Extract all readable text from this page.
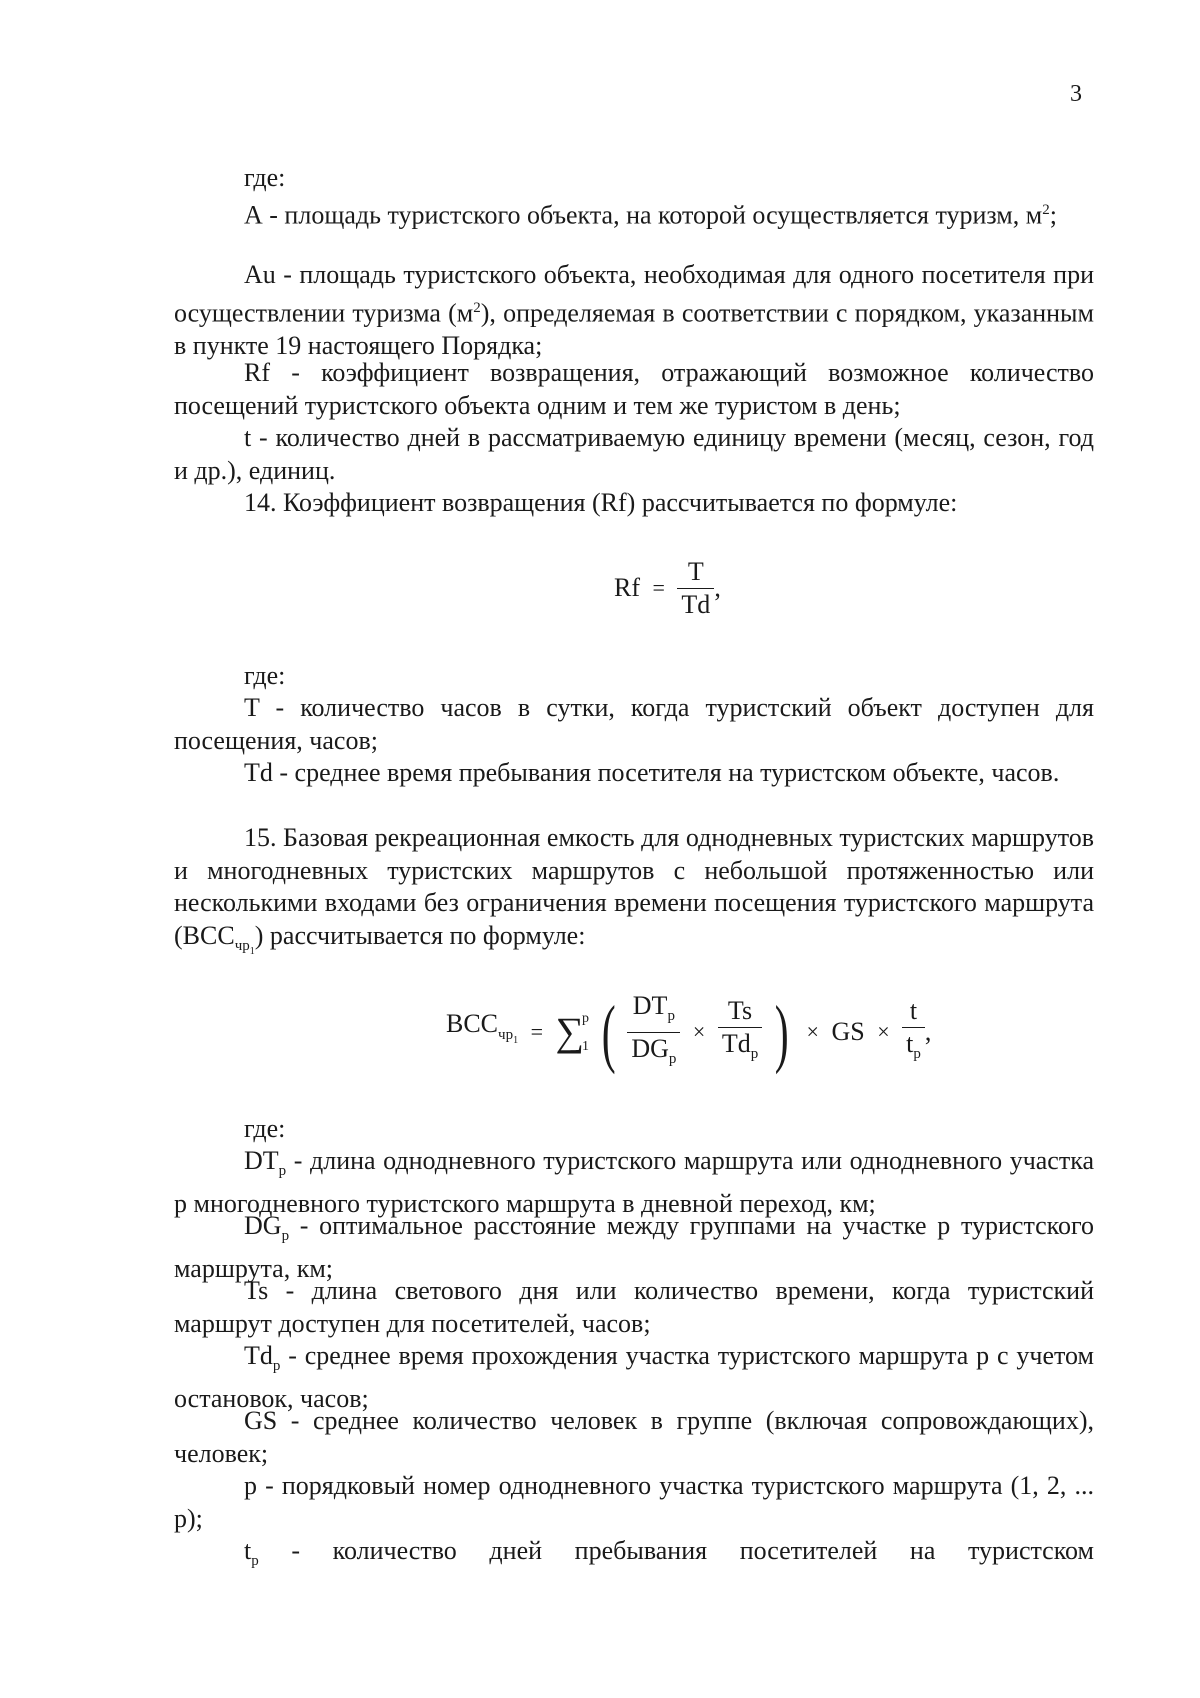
3
где:
А - площадь туристского объекта, на которой осуществляется туризм, $м^2$;
Au - площадь туристского объекта, необходимая для одного посетителя при осуществлении туризма $(м^2)$, определяемая в соответствии с порядком, указанным в пункте 19 настоящего Порядка;
Rf - коэффициент возвращения, отражающий возможное количество посещений туристского объекта одним и тем же туристом в день;
t - количество дней в рассматриваемую единицу времени (месяц, сезон, год и др.), единиц.
14. Коэффициент возвращения (Rf) рассчитывается по формуле:
$Rf = \frac{T}{Td}$ ,
где:
T - количество часов в сутки, когда туристский объект доступен для посещения, часов;
Td - среднее время пребывания посетителя на туристском объекте, часов.
15. Базовая рекреационная емкость для однодневных туристских маршрутов и многодневных туристских маршрутов с небольшой протяженностью или несколькими входами без ограничения времени посещения туристского маршрута $(BCC_{чр_1})$ рассчитывается по формуле:
$BCC_{чр_1}$ = ∑
p
1 ( $\frac{DT_p}{DG_p} \times \frac{Ts}{Td_p}$ ) × GS × $\frac{t}{t_p}$ ,
где:
$DT_p$ - длина однодневного туристского маршрута или однодневного участка p многодневного туристского маршрута в дневной переход, км;
$DG_p$ - оптимальное расстояние между группами на участке p туристского маршрута, км;
Ts - длина светового дня или количество времени, когда туристский маршрут доступен для посетителей, часов;
$Td_p$ - среднее время прохождения участка туристского маршрута p с учетом остановок, часов;
GS - среднее количество человек в группе (включая сопровождающих), человек;
p - порядковый номер однодневного участка туристского маршрута (1, 2, ... p);
$t_p$ - количество дней пребывания посетителей на туристском
